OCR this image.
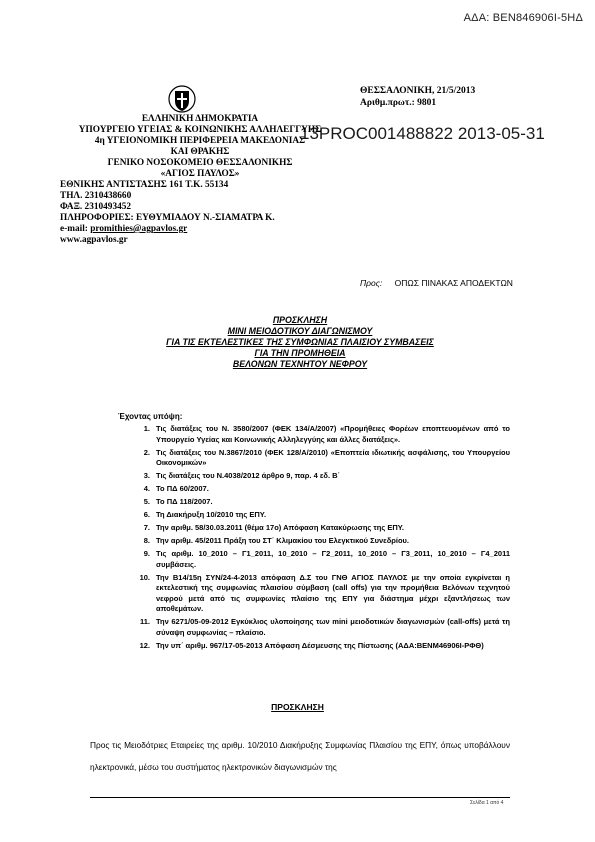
ΑΔΑ: ΒΕΝ846906Ι-5ΗΔ
ΘΕΣΣΑΛΟΝΙΚΗ, 21/5/2013
Αριθμ.πρωτ.: 9801
13PROC001488822 2013-05-31
ΕΛΛΗΝΙΚΗ ΔΗΜΟΚΡΑΤΙΑ
ΥΠΟΥΡΓΕΙΟ ΥΓΕΙΑΣ & ΚΟΙΝΩΝΙΚΗΣ ΑΛΛΗΛΕΓΓΥΗΣ
4η ΥΓΕΙΟΝΟΜΙΚΗ ΠΕΡΙΦΕΡΕΙΑ ΜΑΚΕΔΟΝΙΑΣ
ΚΑΙ ΘΡΑΚΗΣ
ΓΕΝΙΚΟ ΝΟΣΟΚΟΜΕΙΟ ΘΕΣΣΑΛΟΝΙΚΗΣ
«ΑΓΙΟΣ ΠΑΥΛΟΣ»
ΕΘΝΙΚΗΣ ΑΝΤΙΣΤΑΣΗΣ 161 Τ.Κ. 55134
ΤΗΛ. 2310438660
ΦΑΞ. 2310493452
ΠΛΗΡΟΦΟΡΙΕΣ: ΕΥΘΥΜΙΑΔΟΥ Ν.-ΣΙΑΜΑΤΡΑ Κ.
e-mail: promithies@agpavlos.gr
www.agpavlos.gr
Προς: ΟΠΩΣ ΠΙΝΑΚΑΣ ΑΠΟΔΕΚΤΩΝ
ΠΡΟΣΚΛΗΣΗ
ΜΙΝΙ ΜΕΙΟΔΟΤΙΚΟΥ ΔΙΑΓΩΝΙΣΜΟΥ
ΓΙΑ ΤΙΣ ΕΚΤΕΛΕΣΤΙΚΕΣ ΤΗΣ ΣΥΜΦΩΝΙΑΣ ΠΛΑΙΣΙΟΥ ΣΥΜΒΑΣΕΙΣ
ΓΙΑ ΤΗΝ ΠΡΟΜΗΘΕΙΑ
ΒΕΛΟΝΩΝ ΤΕΧΝΗΤΟΥ ΝΕΦΡΟΥ
Έχοντας υπόψη:
1. Τις διατάξεις του Ν. 3580/2007 (ΦΕΚ 134/Α/2007) «Προμήθειες Φορέων εποπτευομένων από το Υπουργείο Υγείας και Κοινωνικής Αλληλεγγύης και άλλες διατάξεις».
2. Τις διατάξεις του Ν.3867/2010 (ΦΕΚ 128/Α/2010) «Εποπτεία ιδιωτικής ασφάλισης, του Υπουργείου Οικονομικών»
3. Τις διατάξεις του Ν.4038/2012 άρθρο 9, παρ. 4 εδ. Β΄
4. Το ΠΔ 60/2007.
5. Το ΠΔ 118/2007.
6. Τη Διακήρυξη 10/2010 της ΕΠΥ.
7. Την αριθμ. 58/30.03.2011 (θέμα 17ο) Απόφαση Κατακύρωσης της ΕΠΥ.
8. Την αριθμ. 45/2011 Πράξη του ΣΤ΄ Κλιμακίου του Ελεγκτικού Συνεδρίου.
9. Τις αριθμ. 10_2010 – Γ1_2011, 10_2010 – Γ2_2011, 10_2010 – Γ3_2011, 10_2010 – Γ4_2011 συμβάσεις.
10. Την Β14/15η ΣΥΝ/24-4-2013 απόφαση Δ.Σ του ΓΝΘ ΑΓΙΟΣ ΠΑΥΛΟΣ με την οποία εγκρίνεται η εκτελεστική της συμφωνίας πλαισίου σύμβαση (call offs) για την προμήθεια Βελόνων τεχνητού νεφρού μετά από τις συμφωνίες πλαίσιο της ΕΠΥ για διάστημα μέχρι εξαντλήσεως των αποθεμάτων.
11. Την 6271/05-09-2012 Εγκύκλιος υλοποίησης των mini μειοδοτικών διαγωνισμών (call-offs) μετά τη σύναψη συμφωνίας – πλαίσιο.
12. Την υπ΄ αριθμ. 967/17-05-2013 Απόφαση Δέσμευσης της Πίστωσης (ΑΔΑ:ΒΕΝΜ46906Ι-ΡΦΘ)
ΠΡΟΣΚΛΗΣΗ
Προς τις Μειοδότριες Εταιρείες της αριθμ. 10/2010 Διακήρυξης Συμφωνίας Πλαισίου της ΕΠΥ, όπως υποβάλλουν ηλεκτρονικά, μέσω του συστήματος ηλεκτρονικών διαγωνισμών της
Σελίδα 1 από 4
